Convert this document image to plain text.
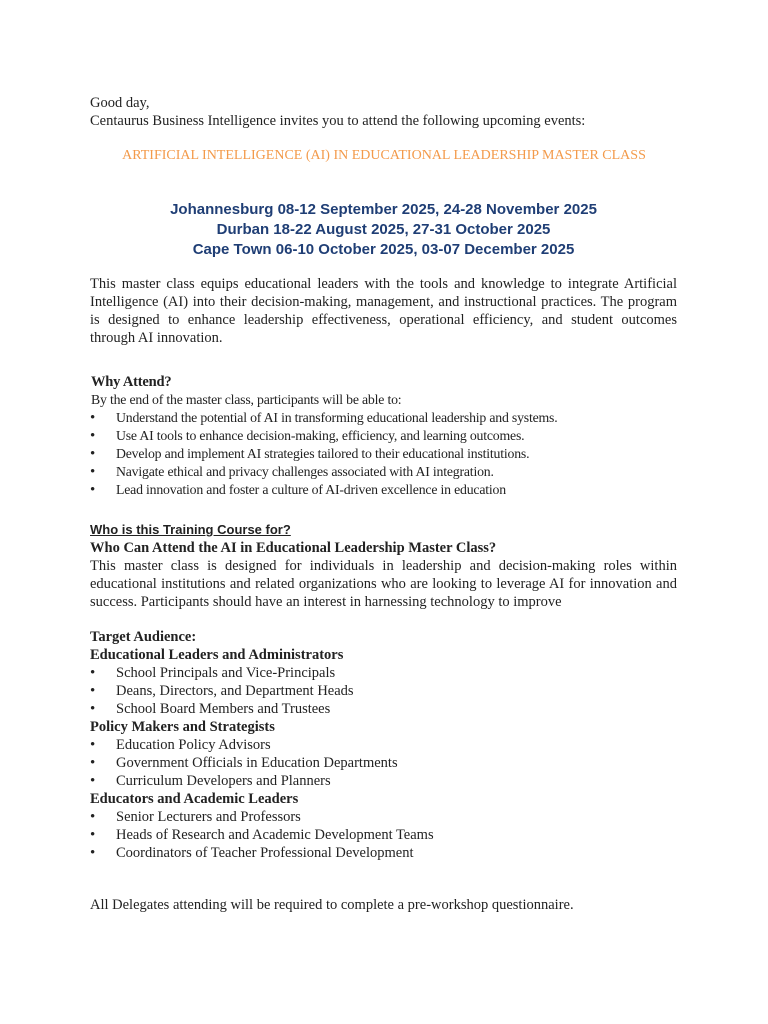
Good day,

Centaurus Business Intelligence invites you to attend the following upcoming events:

ARTIFICIAL INTELLIGENCE (AI) IN EDUCATIONAL LEADERSHIP MASTER CLASS

Johannesburg 08-12 September 2025, 24-28 November 2025

Durban 18-22 August 2025, 27-31 October 2025

Cape Town 06-10 October 2025, 03-07 December 2025

This master class equips educational leaders with the tools and knowledge to integrate Artificial Intelligence (AI) into their decision-making, management, and instructional practices. The program is designed to enhance leadership effectiveness, operational efficiency, and student outcomes through AI innovation.

Why Attend?
By the end of the master class, participants will be able to:
• Understand the potential of AI in transforming educational leadership and systems.
• Use AI tools to enhance decision-making, efficiency, and learning outcomes.
• Develop and implement AI strategies tailored to their educational institutions.
• Navigate ethical and privacy challenges associated with AI integration.
• Lead innovation and foster a culture of AI-driven excellence in education
Who is this Training Course for?
Who Can Attend the AI in Educational Leadership Master Class?
This master class is designed for individuals in leadership and decision-making roles within educational institutions and related organizations who are looking to leverage AI for innovation and success. Participants should have an interest in harnessing technology to improve
Target Audience:
Educational Leaders and Administrators
• School Principals and Vice-Principals
• Deans, Directors, and Department Heads
• School Board Members and Trustees
Policy Makers and Strategists
• Education Policy Advisors
• Government Officials in Education Departments
• Curriculum Developers and Planners
Educators and Academic Leaders
• Senior Lecturers and Professors
• Heads of Research and Academic Development Teams
• Coordinators of Teacher Professional Development

All Delegates attending will be required to complete a pre-workshop questionnaire.
